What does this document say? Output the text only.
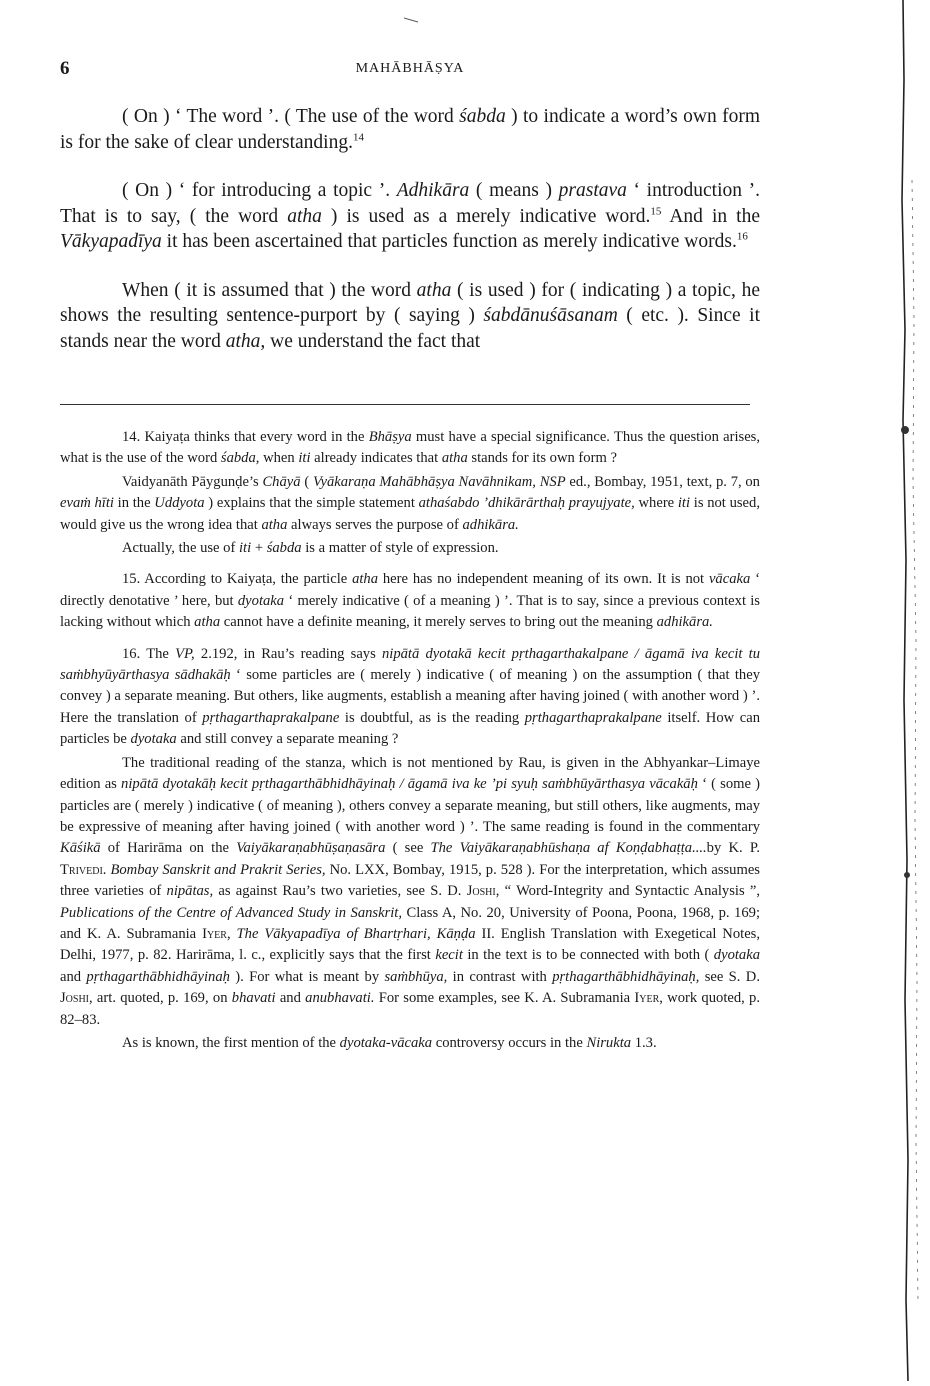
6	MAHĀBHĀṢYA

( On ) ‘ The word ’. ( The use of the word śabda ) to indicate a word’s own form is for the sake of clear understanding.$^{14}$

( On ) ‘ for introducing a topic ’. Adhikāra ( means ) prastava ‘ introduction ’. That is to say, ( the word atha ) is used as a merely indicative word.$^{15}$ And in the Vākyapadīya it has been ascertained that particles function as merely indicative words.$^{16}$

When ( it is assumed that ) the word atha ( is used ) for ( indicating ) a topic, he shows the resulting sentence-purport by ( saying ) śabdānuśāsanam ( etc. ). Since it stands near the word atha, we understand the fact that

14. Kaiyaṭa thinks that every word in the Bhāṣya must have a special significance. Thus the question arises, what is the use of the word śabda, when iti already indicates that atha stands for its own form ?

Vaidyanāth Pāygunḍe’s Chāyā ( Vyākaraṇa Mahābhāṣya Navāhnikam, NSP ed., Bombay, 1951, text, p. 7, on evaṁ hīti in the Uddyota ) explains that the simple statement athaśabdo ’dhikārārthaḥ prayujyate, where iti is not used, would give us the wrong idea that atha always serves the purpose of adhikāra.

Actually, the use of iti + śabda is a matter of style of expression.

15. According to Kaiyaṭa, the particle atha here has no independent meaning of its own. It is not vācaka ‘ directly denotative ’ here, but dyotaka ‘ merely indicative ( of a meaning ) ’. That is to say, since a previous context is lacking without which atha cannot have a definite meaning, it merely serves to bring out the meaning adhikāra.

16. The VP, 2.192, in Rau’s reading says nipātā dyotakā kecit pṛthagarthakalpane / āgamā iva kecit tu saṁbhyūyārthasya sādhakāḥ ‘ some particles are ( merely ) indicative ( of meaning ) on the assumption ( that they convey ) a separate meaning. But others, like augments, establish a meaning after having joined ( with another word ) ’. Here the translation of pṛthagarthaprakalpane is doubtful, as is the reading pṛthagarthaprakalpane itself. How can particles be dyotaka and still convey a separate meaning ?

The traditional reading of the stanza, which is not mentioned by Rau, is given in the Abhyankar–Limaye edition as nipātā dyotakāḥ kecit pṛthagarthābhidhāyinaḥ / āgamā iva ke ’pi syuḥ saṁbhūyārthasya vācakāḥ ‘ ( some ) particles are ( merely ) indicative ( of meaning ), others convey a separate meaning, but still others, like augments, may be expressive of meaning after having joined ( with another word ) ’. The same reading is found in the commentary Kāśikā of Harirāma on the Vaiyākaraṇabhūṣaṇasāra ( see The Vaiyākaraṇabhūshaṇa af Koṇḍabhaṭṭa....by K. P. Trivedi. Bombay Sanskrit and Prakrit Series, No. LXX, Bombay, 1915, p. 528 ). For the interpretation, which assumes three varieties of nipātas, as against Rau’s two varieties, see S. D. Joshi, “ Word-Integrity and Syntactic Analysis ”, Publications of the Centre of Advanced Study in Sanskrit, Class A, No. 20, University of Poona, Poona, 1968, p. 169; and K. A. Subramania Iyer, The Vākyapadīya of Bhartṛhari, Kāṇḍa II. English Translation with Exegetical Notes, Delhi, 1977, p. 82. Harirāma, l. c., explicitly says that the first kecit in the text is to be connected with both ( dyotaka and pṛthagarthābhidhāyinaḥ ). For what is meant by saṁbhūya, in contrast with pṛthagarthābhidhāyinaḥ, see S. D. Joshi, art. quoted, p. 169, on bhavati and anubhavati. For some examples, see K. A. Subramania Iyer, work quoted, p. 82–83.

As is known, the first mention of the dyotaka-vācaka controversy occurs in the Nirukta 1.3.
